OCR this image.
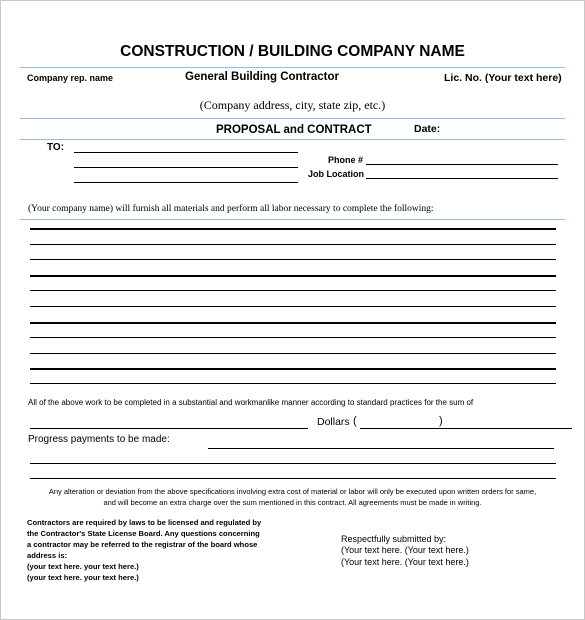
CONSTRUCTION / BUILDING COMPANY NAME
Company rep. name	General Building Contractor	Lic. No. (Your text here)
(Company address, city, state zip, etc.)
PROPOSAL and CONTRACT	Date:
TO:
Phone #
Job Location
(Your company name) will furnish all materials and perform all labor necessary to complete the following:
All of the above work to be completed in a substantial and workmanlike manner according to standard practices for the sum of
Dollars (	)
Progress payments to be made:
Any alteration or deviation from the above specifications involving extra cost of material or labor will only be executed upon written orders for same,
and will become an extra charge over the sum mentioned in this contract. All agreements must be made in writing.
Contractors are required by laws to be licensed and regulated by
the Contractor's State License Board. Any questions concerning
a contractor may be referred to the registrar of the board whose
address is:
(your text here. your text here.)
(your text here. your text here.)
Respectfully submitted by:
(Your text here. (Your text here.)
(Your text here. (Your text here.)
